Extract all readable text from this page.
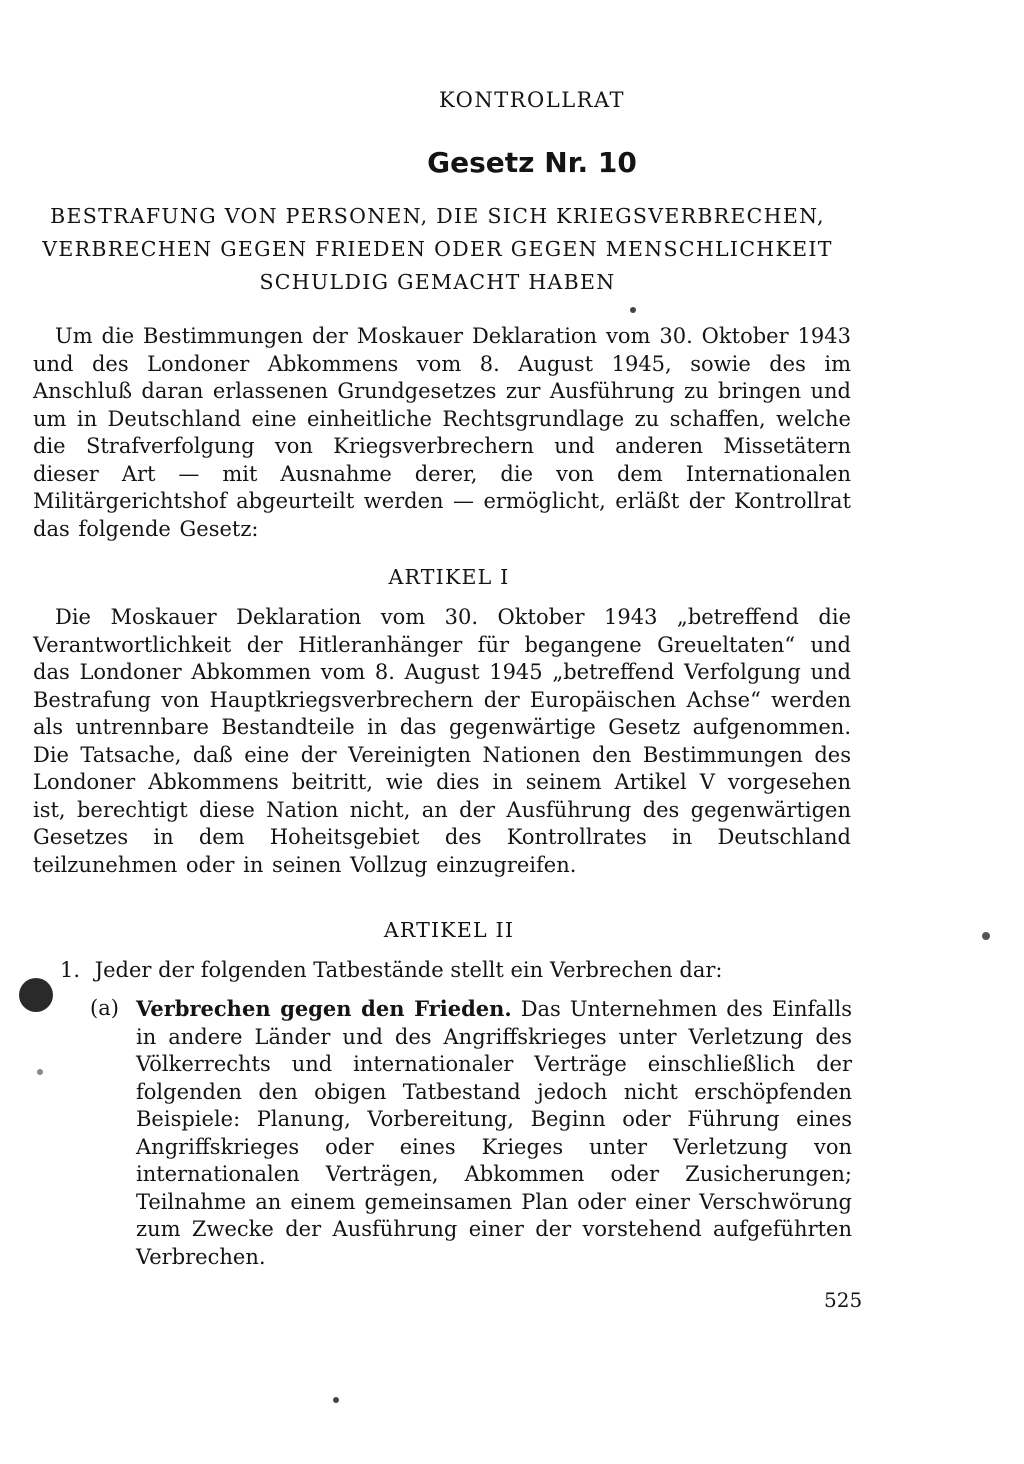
KONTROLLRAT
Gesetz Nr. 10
BESTRAFUNG VON PERSONEN, DIE SICH KRIEGSVERBRECHEN, VERBRECHEN GEGEN FRIEDEN ODER GEGEN MENSCHLICHKEIT SCHULDIG GEMACHT HABEN
Um die Bestimmungen der Moskauer Deklaration vom 30. Oktober 1943 und des Londoner Abkommens vom 8. August 1945, sowie des im Anschluß daran erlassenen Grundgesetzes zur Ausführung zu bringen und um in Deutschland eine einheitliche Rechtsgrundlage zu schaffen, welche die Strafverfolgung von Kriegsverbrechern und anderen Missetätern dieser Art — mit Ausnahme derer, die von dem Internationalen Militärgerichtshof abgeurteilt werden — ermöglicht, erläßt der Kontrollrat das folgende Gesetz:
ARTIKEL I
Die Moskauer Deklaration vom 30. Oktober 1943 „betreffend die Verantwortlichkeit der Hitleranhänger für begangene Greueltaten“ und das Londoner Abkommen vom 8. August 1945 „betreffend Verfolgung und Bestrafung von Hauptkriegsverbrechern der Europäischen Achse“ werden als untrennbare Bestandteile in das gegenwärtige Gesetz aufgenommen. Die Tatsache, daß eine der Vereinigten Nationen den Bestimmungen des Londoner Abkommens beitritt, wie dies in seinem Artikel V vorgesehen ist, berechtigt diese Nation nicht, an der Ausführung des gegenwärtigen Gesetzes in dem Hoheitsgebiet des Kontrollrates in Deutschland teilzunehmen oder in seinen Vollzug einzugreifen.
ARTIKEL II
1. Jeder der folgenden Tatbestände stellt ein Verbrechen dar:
(a) Verbrechen gegen den Frieden. Das Unternehmen des Einfalls in andere Länder und des Angriffskrieges unter Verletzung des Völkerrechts und internationaler Verträge einschließlich der folgenden den obigen Tatbestand jedoch nicht erschöpfenden Beispiele: Planung, Vorbereitung, Beginn oder Führung eines Angriffskrieges oder eines Krieges unter Verletzung von internationalen Verträgen, Abkommen oder Zusicherungen; Teilnahme an einem gemeinsamen Plan oder einer Verschwörung zum Zwecke der Ausführung einer der vorstehend aufgeführten Verbrechen.
525
